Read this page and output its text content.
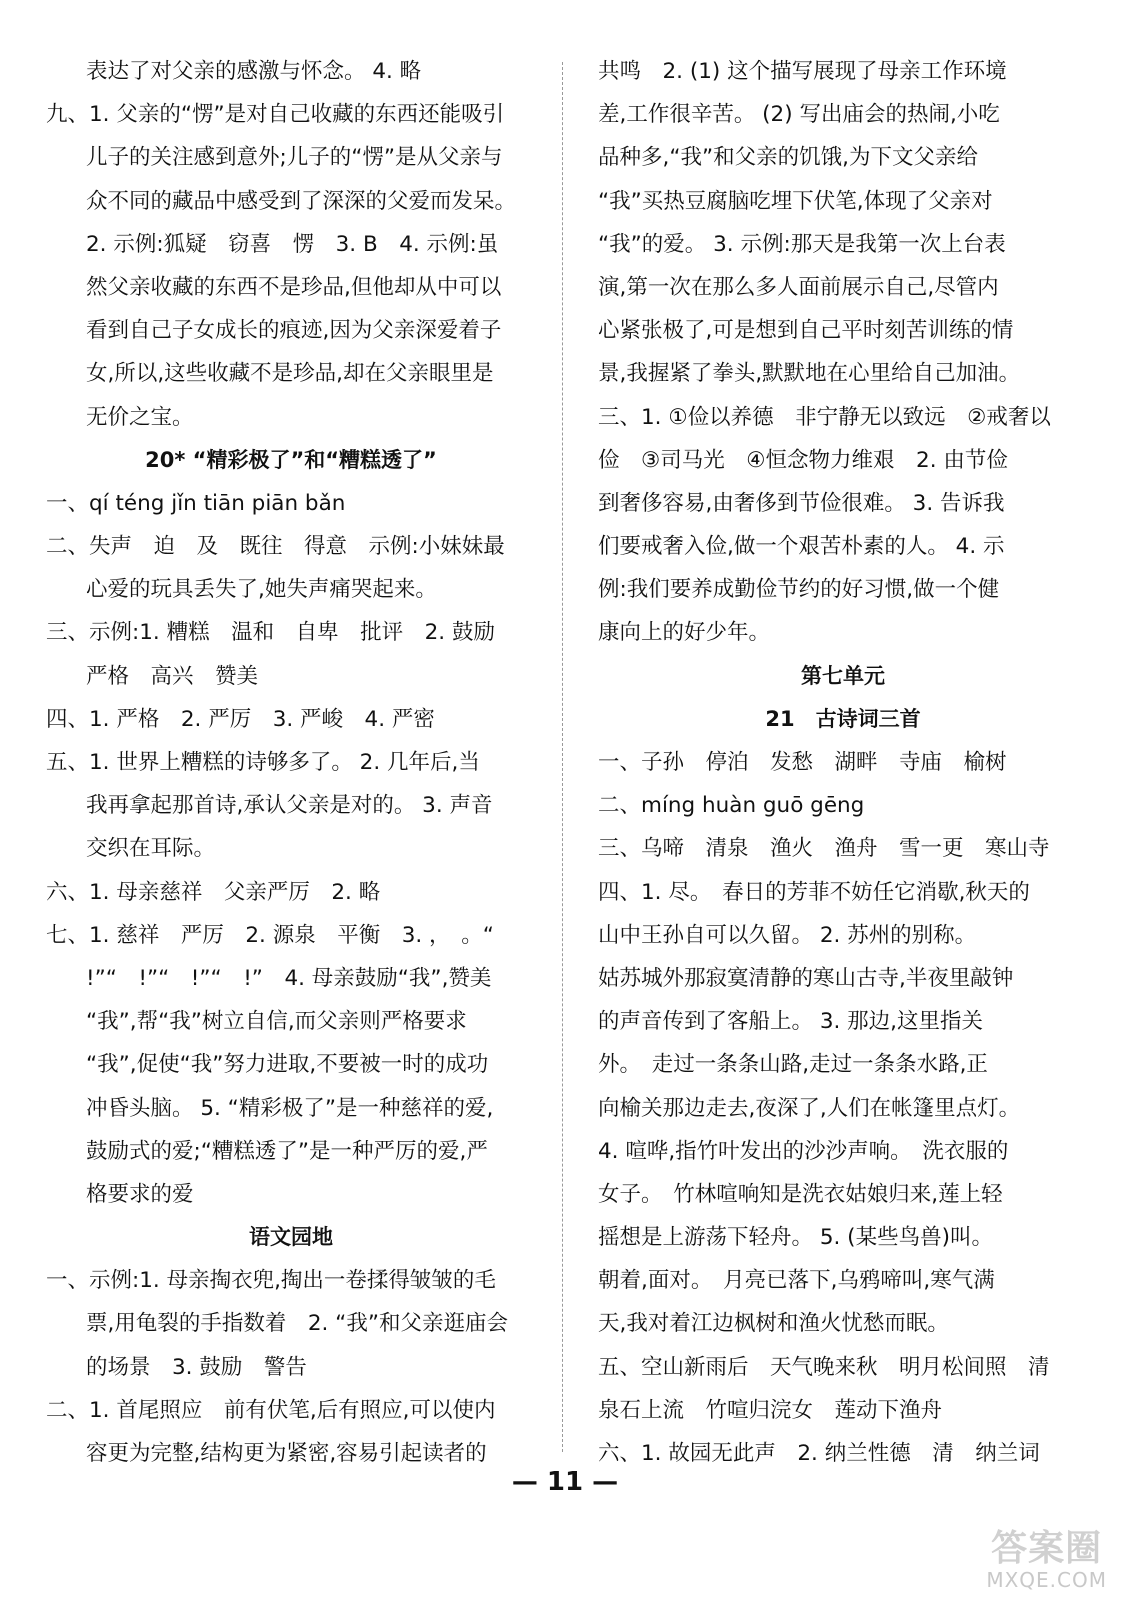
表达了对父亲的感激与怀念。 4. 略
九、1. 父亲的“愣”是对自己收藏的东西还能吸引
儿子的关注感到意外;儿子的“愣”是从父亲与
众不同的藏品中感受到了深深的父爱而发呆。
2. 示例:狐疑　窃喜　愣　3. B　4. 示例:虽
然父亲收藏的东西不是珍品,但他却从中可以
看到自己子女成长的痕迹,因为父亲深爱着子
女,所以,这些收藏不是珍品,却在父亲眼里是
无价之宝。
20* “精彩极了”和“糟糕透了”
一、qí téng jǐn tiān piān bǎn
二、失声　迫　及　既往　得意　示例:小妹妹最
心爱的玩具丢失了,她失声痛哭起来。
三、示例:1. 糟糕　温和　自卑　批评　2. 鼓励
严格　高兴　赞美
四、1. 严格　2. 严厉　3. 严峻　4. 严密
五、1. 世界上糟糕的诗够多了。 2. 几年后,当
我再拿起那首诗,承认父亲是对的。 3. 声音
交织在耳际。
六、1. 母亲慈祥　父亲严厉　2. 略
七、1. 慈祥　严厉　2. 源泉　平衡　3. ，　。“
!”“　!”“　!”“　!”　4. 母亲鼓励“我”,赞美
“我”,帮“我”树立自信,而父亲则严格要求
“我”,促使“我”努力进取,不要被一时的成功
冲昏头脑。 5. “精彩极了”是一种慈祥的爱,
鼓励式的爱;“糟糕透了”是一种严厉的爱,严
格要求的爱
语文园地
一、示例:1. 母亲掏衣兜,掏出一卷揉得皱皱的毛
票,用龟裂的手指数着　2. “我”和父亲逛庙会
的场景　3. 鼓励　警告
二、1. 首尾照应　前有伏笔,后有照应,可以使内
容更为完整,结构更为紧密,容易引起读者的
共鸣　2. (1) 这个描写展现了母亲工作环境
差,工作很辛苦。 (2) 写出庙会的热闹,小吃
品种多,“我”和父亲的饥饿,为下文父亲给
“我”买热豆腐脑吃埋下伏笔,体现了父亲对
“我”的爱。 3. 示例:那天是我第一次上台表
演,第一次在那么多人面前展示自己,尽管内
心紧张极了,可是想到自己平时刻苦训练的情
景,我握紧了拳头,默默地在心里给自己加油。
三、1. ①俭以养德　非宁静无以致远　②戒奢以
俭　③司马光　④恒念物力维艰　2. 由节俭
到奢侈容易,由奢侈到节俭很难。 3. 告诉我
们要戒奢入俭,做一个艰苦朴素的人。 4. 示
例:我们要养成勤俭节约的好习惯,做一个健
康向上的好少年。
第七单元
21　古诗词三首
一、子孙　停泊　发愁　湖畔　寺庙　榆树
二、míng huàn guō gēng
三、乌啼　清泉　渔火　渔舟　雪一更　寒山寺
四、1. 尽。　春日的芳菲不妨任它消歇,秋天的
山中王孙自可以久留。 2. 苏州的别称。
姑苏城外那寂寞清静的寒山古寺,半夜里敲钟
的声音传到了客船上。 3. 那边,这里指关
外。　走过一条条山路,走过一条条水路,正
向榆关那边走去,夜深了,人们在帐篷里点灯。
4. 喧哗,指竹叶发出的沙沙声响。　洗衣服的
女子。　竹林喧响知是洗衣姑娘归来,莲上轻
摇想是上游荡下轻舟。 5. (某些鸟兽)叫。
朝着,面对。　月亮已落下,乌鸦啼叫,寒气满
天,我对着江边枫树和渔火忧愁而眠。
五、空山新雨后　天气晚来秋　明月松间照　清
泉石上流　竹喧归浣女　莲动下渔舟
六、1. 故园无此声　2. 纳兰性德　清　纳兰词
— 11 —
答案圈
MXQE.COM
